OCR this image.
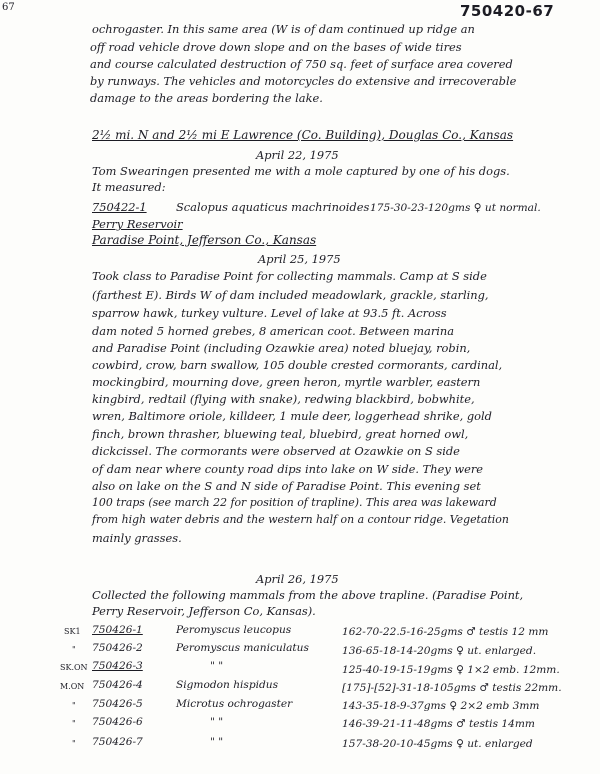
67	750420-67
ochrogaster. In this same area (W is of dam continued up ridge an
off road vehicle drove down slope and on the bases of wide tires
and course calculated destruction of 750 sq. feet of surface area covered
by runways. The vehicles and motorcycles do extensive and irrecoverable
damage to the areas bordering the lake.
2½ mi. N and 2½ mi E Lawrence (Co. Building), Douglas Co., Kansas
April 22, 1975
Tom Swearingen presented me with a mole captured by one of his dogs.
It measured:
750422-1	Scalopus aquaticus machrinoides 175-30-23-120gms ♀ ut normal.
Perry Reservoir
Paradise Point, Jefferson Co., Kansas
April 25, 1975
Took class to Paradise Point for collecting mammals. Camp at S side
(farthest E). Birds W of dam included meadowlark, grackle, starling,
sparrow hawk, turkey vulture. Level of lake at 93.5 ft. Across
dam noted 5 horned grebes, 8 american coot. Between marina
and Paradise Point (including Ozawkie area) noted bluejay, robin,
cowbird, crow, barn swallow, 105 double crested cormorants, cardinal,
mockingbird, mourning dove, green heron, myrtle warbler, eastern
kingbird, redtail (flying with snake), redwing blackbird, bobwhite,
wren, Baltimore oriole, killdeer, 1 mule deer, loggerhead shrike, gold
finch, brown thrasher, bluewing teal, bluebird, great horned owl,
dickcissel. The cormorants were observed at Ozawkie on S side
of dam near where county road dips into lake on W side. They were
also on lake on the S and N side of Paradise Point. This evening set
100 traps (see march 22 for position of trapline). This area was lakeward
from high water debris and the western half on a contour ridge. Vegetation
mainly grasses.
April 26, 1975
Collected the following mammals from the above trapline. (Paradise Point,
Perry Reservoir, Jefferson Co, Kansas).
SK1 750426-1	Peromyscus leucopus	162-70-22.5-16-25gms ♂ testis 12 mm
" 750426-2	Peromyscus maniculatus	136-65-18-14-20gms ♀ ut. enlarged.
SK.ON 750426-3	" "	125-40-19-15-19gms ♀ 1×2 emb. 12mm.
M.ON 750426-4	Sigmodon hispidus	[175]-[52]-31-18-105gms ♂ testis 22mm.
" 750426-5	Microtus ochrogaster	143-35-18-9-37gms ♀ 2×2 emb 3mm
" 750426-6	" "	146-39-21-11-48gms ♂ testis 14mm
" 750426-7	" "	157-38-20-10-45gms ♀ ut. enlarged
